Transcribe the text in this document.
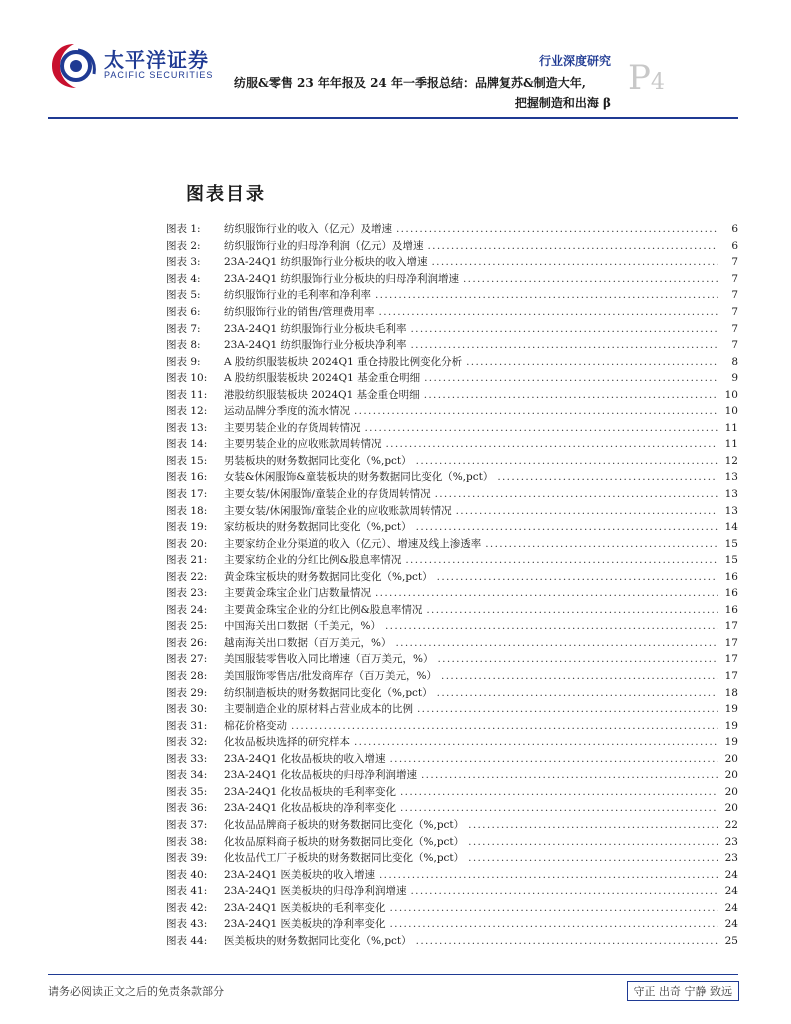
太平洋证券
PACIFIC SECURITIES
行业深度研究
纺服&零售 23 年年报及 24 年一季报总结：品牌复苏&制造大年,
把握制造和出海 β
P4
图表目录
图表 1:	纺织服饰行业的收入（亿元）及增速 . . .	6
图表 2:	纺织服饰行业的归母净利润（亿元）及增速 . . .	6
图表 3:	23A-24Q1 纺织服饰行业分板块的收入增速 . . .	7
图表 4:	23A-24Q1 纺织服饰行业分板块的归母净利润增速 . . .	7
图表 5:	纺织服饰行业的毛利率和净利率 . . .	7
图表 6:	纺织服饰行业的销售/管理费用率 . . .	7
图表 7:	23A-24Q1 纺织服饰行业分板块毛利率 . . .	7
图表 8:	23A-24Q1 纺织服饰行业分板块净利率 . . .	7
图表 9:	A 股纺织服装板块 2024Q1 重仓持股比例变化分析 . . .	8
图表 10:	A 股纺织服装板块 2024Q1 基金重仓明细 . . .	9
图表 11:	港股纺织服装板块 2024Q1 基金重仓明细 . . .	10
图表 12:	运动品牌分季度的流水情况 . . .	10
图表 13:	主要男装企业的存货周转情况 . . .	11
图表 14:	主要男装企业的应收账款周转情况 . . .	11
图表 15:	男装板块的财务数据同比变化（%,pct） . . .	12
图表 16:	女装&休闲服饰&童装板块的财务数据同比变化（%,pct） . . .	13
图表 17:	主要女装/休闲服饰/童装企业的存货周转情况 . . .	13
图表 18:	主要女装/休闲服饰/童装企业的应收账款周转情况 . . .	13
图表 19:	家纺板块的财务数据同比变化（%,pct） . . .	14
图表 20:	主要家纺企业分渠道的收入（亿元）、增速及线上渗透率 . . .	15
图表 21:	主要家纺企业的分红比例&股息率情况 . . .	15
图表 22:	黄金珠宝板块的财务数据同比变化（%,pct） . . .	16
图表 23:	主要黄金珠宝企业门店数量情况 . . .	16
图表 24:	主要黄金珠宝企业的分红比例&股息率情况 . . .	16
图表 25:	中国海关出口数据（千美元，%） . . .	17
图表 26:	越南海关出口数据（百万美元，%） . . .	17
图表 27:	美国服装零售收入同比增速（百万美元，%） . . .	17
图表 28:	美国服饰零售店/批发商库存（百万美元，%） . . .	17
图表 29:	纺织制造板块的财务数据同比变化（%,pct） . . .	18
图表 30:	主要制造企业的原材料占营业成本的比例 . . .	19
图表 31:	棉花价格变动 . . .	19
图表 32:	化妆品板块选择的研究样本 . . .	19
图表 33:	23A-24Q1 化妆品板块的收入增速 . . .	20
图表 34:	23A-24Q1 化妆品板块的归母净利润增速 . . .	20
图表 35:	23A-24Q1 化妆品板块的毛利率变化 . . .	20
图表 36:	23A-24Q1 化妆品板块的净利率变化 . . .	20
图表 37:	化妆品品牌商子板块的财务数据同比变化（%,pct） . . .	22
图表 38:	化妆品原料商子板块的财务数据同比变化（%,pct） . . .	23
图表 39:	化妆品代工厂子板块的财务数据同比变化（%,pct） . . .	23
图表 40:	23A-24Q1 医美板块的收入增速 . . .	24
图表 41:	23A-24Q1 医美板块的归母净利润增速 . . .	24
图表 42:	23A-24Q1 医美板块的毛利率变化 . . .	24
图表 43:	23A-24Q1 医美板块的净利率变化 . . .	24
图表 44:	医美板块的财务数据同比变化（%,pct） . . .	25
请务必阅读正文之后的免责条款部分	守正 出奇 宁静 致远
